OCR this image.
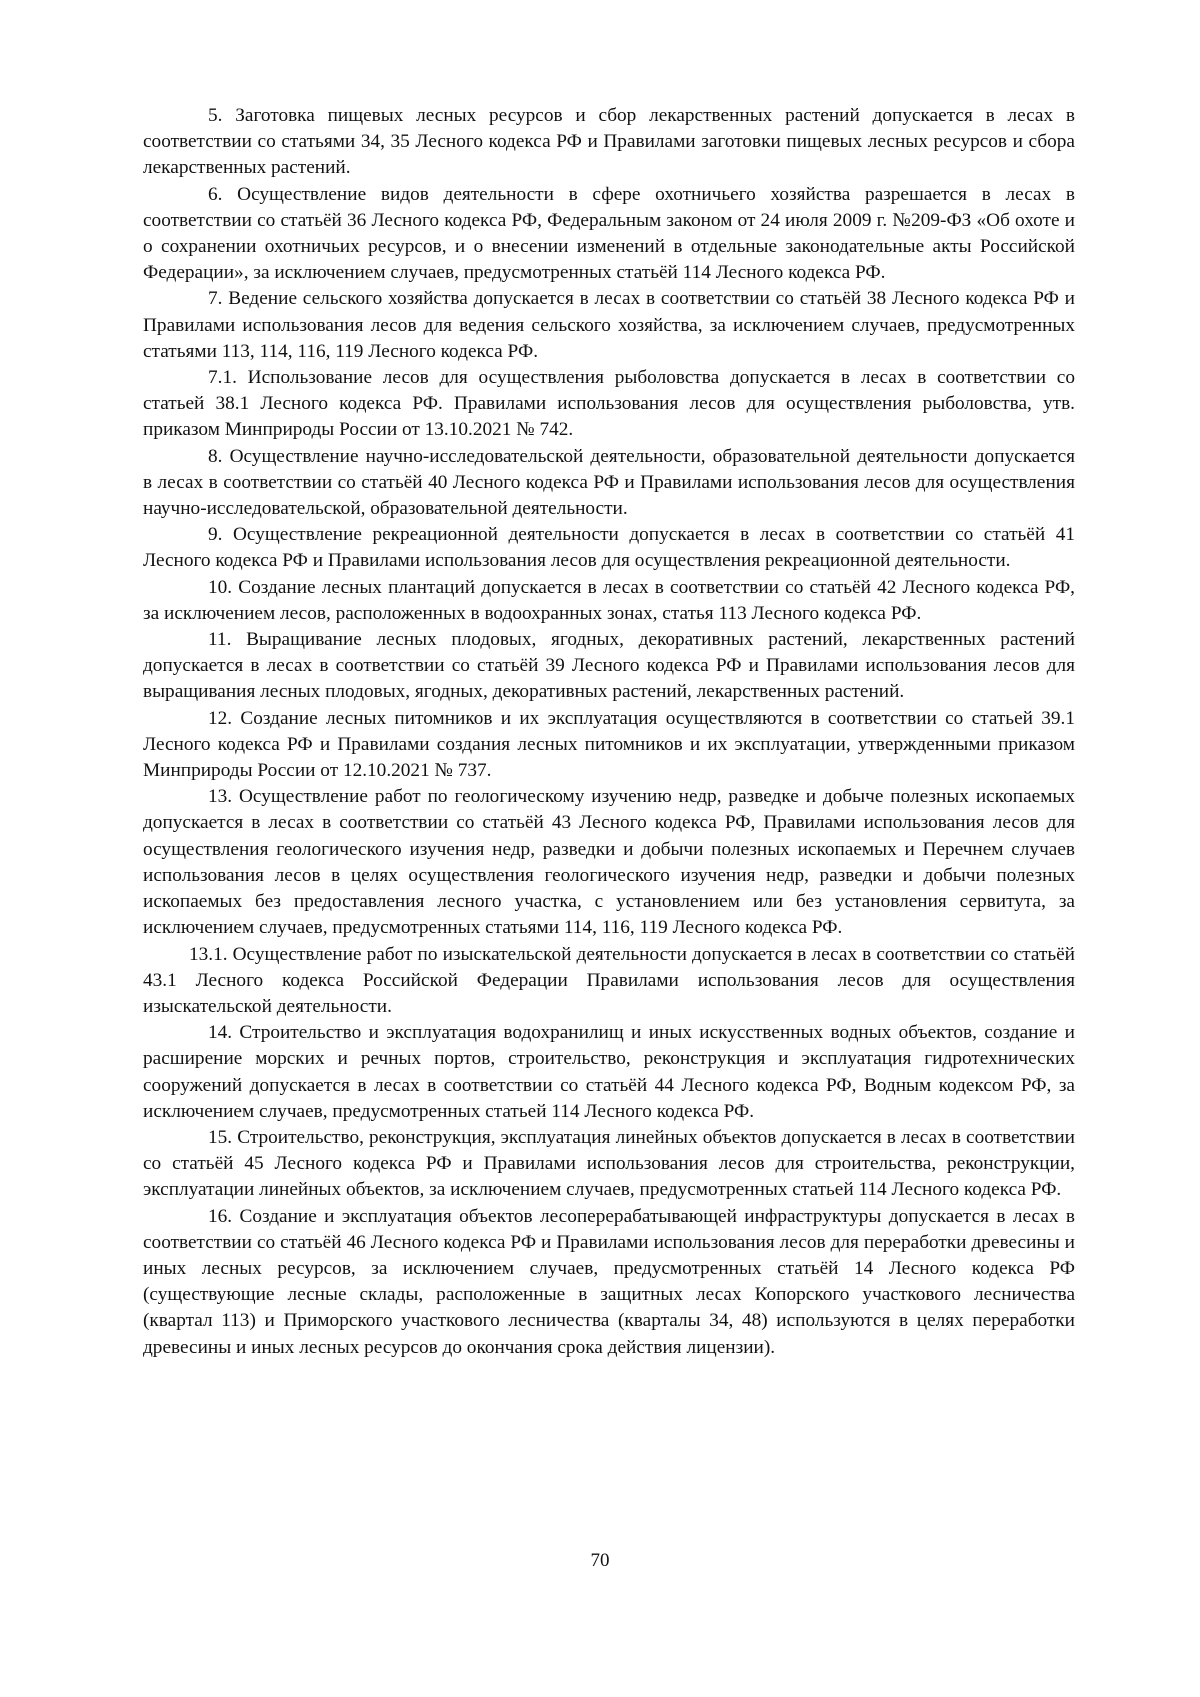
5. Заготовка пищевых лесных ресурсов и сбор лекарственных растений допускается в лесах в соответствии со статьями 34, 35 Лесного кодекса РФ и Правилами заготовки пищевых лесных ресурсов и сбора лекарственных растений.

6. Осуществление видов деятельности в сфере охотничьего хозяйства разрешается в лесах в соответствии со статьёй 36 Лесного кодекса РФ, Федеральным законом от 24 июля 2009 г. №209-ФЗ «Об охоте и о сохранении охотничьих ресурсов, и о внесении изменений в отдельные законодательные акты Российской Федерации», за исключением случаев, предусмотренных статьёй 114 Лесного кодекса РФ.

7. Ведение сельского хозяйства допускается в лесах в соответствии со статьёй 38 Лесного кодекса РФ и Правилами использования лесов для ведения сельского хозяйства, за исключением случаев, предусмотренных статьями 113, 114, 116, 119 Лесного кодекса РФ.

7.1. Использование лесов для осуществления рыболовства допускается в лесах в соответствии со статьей 38.1 Лесного кодекса РФ. Правилами использования лесов для осуществления рыболовства, утв. приказом Минприроды России от 13.10.2021 № 742.

8. Осуществление научно-исследовательской деятельности, образовательной деятельности допускается в лесах в соответствии со статьёй 40 Лесного кодекса РФ и Правилами использования лесов для осуществления научно-исследовательской, образовательной деятельности.

9. Осуществление рекреационной деятельности допускается в лесах в соответствии со статьёй 41 Лесного кодекса РФ и Правилами использования лесов для осуществления рекреационной деятельности.

10. Создание лесных плантаций допускается в лесах в соответствии со статьёй 42 Лесного кодекса РФ, за исключением лесов, расположенных в водоохранных зонах, статья 113 Лесного кодекса РФ.

11. Выращивание лесных плодовых, ягодных, декоративных растений, лекарственных растений допускается в лесах в соответствии со статьёй 39 Лесного кодекса РФ и Правилами использования лесов для выращивания лесных плодовых, ягодных, декоративных растений, лекарственных растений.

12. Создание лесных питомников и их эксплуатация осуществляются в соответствии со статьей 39.1 Лесного кодекса РФ и Правилами создания лесных питомников и их эксплуатации, утвержденными приказом Минприроды России от 12.10.2021 № 737.

13. Осуществление работ по геологическому изучению недр, разведке и добыче полезных ископаемых допускается в лесах в соответствии со статьёй 43 Лесного кодекса РФ, Правилами использования лесов для осуществления геологического изучения недр, разведки и добычи полезных ископаемых и Перечнем случаев использования лесов в целях осуществления геологического изучения недр, разведки и добычи полезных ископаемых без предоставления лесного участка, с установлением или без установления сервитута, за исключением случаев, предусмотренных статьями 114, 116, 119 Лесного кодекса РФ.

13.1. Осуществление работ по изыскательской деятельности допускается в лесах в соответствии со статьёй 43.1 Лесного кодекса Российской Федерации Правилами использования лесов для осуществления изыскательской деятельности.

14. Строительство и эксплуатация водохранилищ и иных искусственных водных объектов, создание и расширение морских и речных портов, строительство, реконструкция и эксплуатация гидротехнических сооружений допускается в лесах в соответствии со статьёй 44 Лесного кодекса РФ, Водным кодексом РФ, за исключением случаев, предусмотренных статьей 114 Лесного кодекса РФ.

15. Строительство, реконструкция, эксплуатация линейных объектов допускается в лесах в соответствии со статьёй 45 Лесного кодекса РФ и Правилами использования лесов для строительства, реконструкции, эксплуатации линейных объектов, за исключением случаев, предусмотренных статьей 114 Лесного кодекса РФ.

16. Создание и эксплуатация объектов лесоперерабатывающей инфраструктуры допускается в лесах в соответствии со статьёй 46 Лесного кодекса РФ и Правилами использования лесов для переработки древесины и иных лесных ресурсов, за исключением случаев, предусмотренных статьёй 14 Лесного кодекса РФ (существующие лесные склады, расположенные в защитных лесах Копорского участкового лесничества (квартал 113) и Приморского участкового лесничества (кварталы 34, 48) используются в целях переработки древесины и иных лесных ресурсов до окончания срока действия лицензии).

70
